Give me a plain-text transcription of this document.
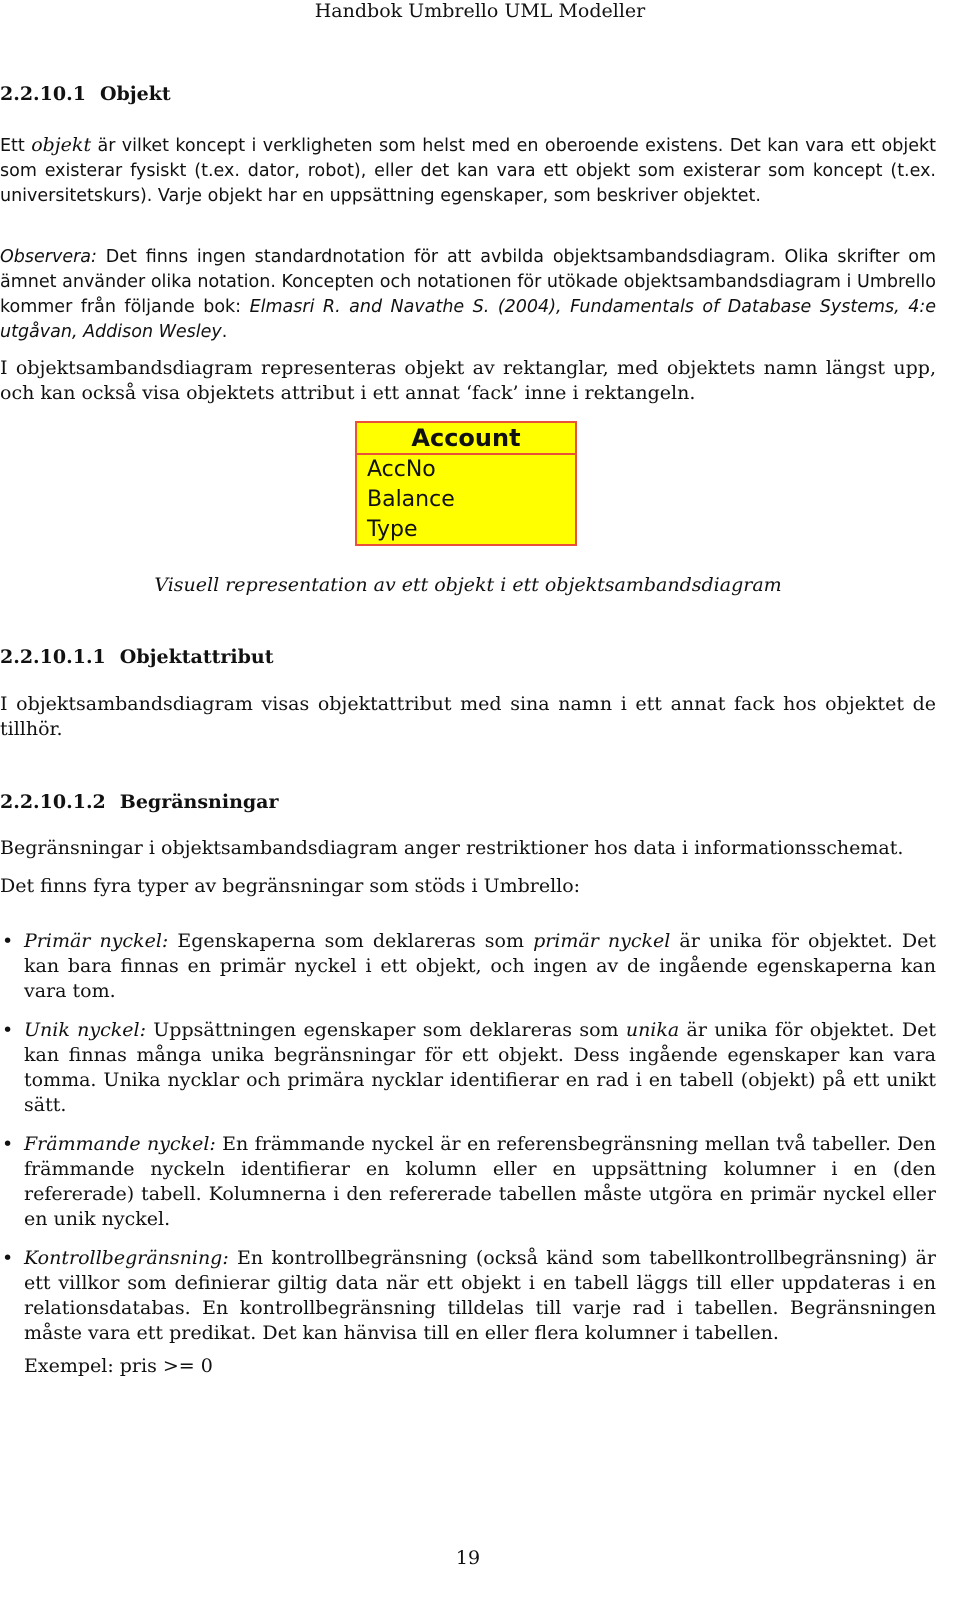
Handbok Umbrello UML Modeller

2.2.10.1 Objekt

Ett objekt är vilket koncept i verkligheten som helst med en oberoende existens. Det kan vara ett objekt som existerar fysiskt (t.ex. dator, robot), eller det kan vara ett objekt som existerar som koncept (t.ex. universitetskurs). Varje objekt har en uppsättning egenskaper, som beskriver objektet.

Observera: Det finns ingen standardnotation för att avbilda objektsambandsdiagram. Olika skrifter om ämnet använder olika notation. Koncepten och notationen för utökade objektsambandsdiagram i Umbrello kommer från följande bok: Elmasri R. and Navathe S. (2004), Fundamentals of Database Systems, 4:e utgåvan, Addison Wesley.

I objektsambandsdiagram representeras objekt av rektanglar, med objektets namn längst upp, och kan också visa objektets attribut i ett annat ‘fack’ inne i rektangeln.

Account
AccNo
Balance
Type
Visuell representation av ett objekt i ett objektsambandsdiagram

2.2.10.1.1 Objektattribut

I objektsambandsdiagram visas objektattribut med sina namn i ett annat fack hos objektet de tillhör.

2.2.10.1.2 Begränsningar

Begränsningar i objektsambandsdiagram anger restriktioner hos data i informationsschemat.

Det finns fyra typer av begränsningar som stöds i Umbrello:

• Primär nyckel: Egenskaperna som deklareras som primär nyckel är unika för objektet. Det kan bara finnas en primär nyckel i ett objekt, och ingen av de ingående egenskaperna kan vara tom.
• Unik nyckel: Uppsättningen egenskaper som deklareras som unika är unika för objektet. Det kan finnas många unika begränsningar för ett objekt. Dess ingående egenskaper kan vara tomma. Unika nycklar och primära nycklar identifierar en rad i en tabell (objekt) på ett unikt sätt.
• Främmande nyckel: En främmande nyckel är en referensbegränsning mellan två tabeller. Den främmande nyckeln identifierar en kolumn eller en uppsättning kolumner i en (den refererade) tabell. Kolumnerna i den refererade tabellen måste utgöra en primär nyckel eller en unik nyckel.
• Kontrollbegränsning: En kontrollbegränsning (också känd som tabellkontrollbegränsning) är ett villkor som definierar giltig data när ett objekt i en tabell läggs till eller uppdateras i en relationsdatabas. En kontrollbegränsning tilldelas till varje rad i tabellen. Begränsningen måste vara ett predikat. Det kan hänvisa till en eller flera kolumner i tabellen.
Exempel: pris >= 0
19
